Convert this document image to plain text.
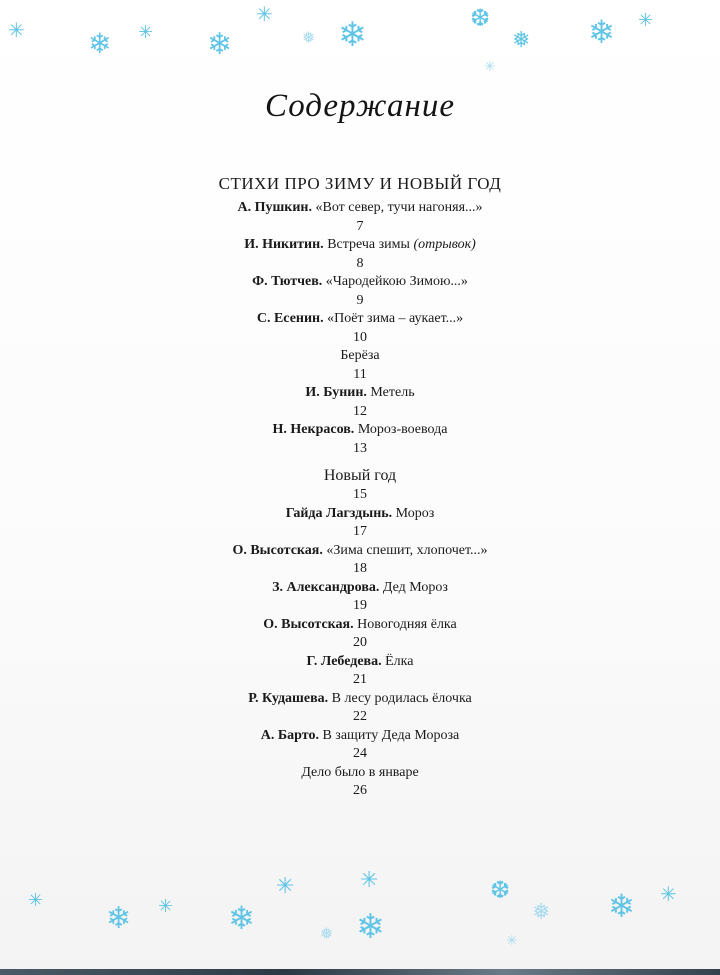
✳ ❄ ✳ ❄
✳
❅ ❄	❆
✳
❅ ❄ ✳
Содержание
СТИХИ ПРО ЗИМУ И НОВЫЙ ГОД
А. Пушкин. «Вот север, тучи нагоняя...»
7
И. Никитин. Встреча зимы (отрывок)
8
Ф. Тютчев. «Чародейкою Зимою...»
9
С. Есенин. «Поёт зима – аукает...»
10
Берёза
11
И. Бунин. Метель
12
Н. Некрасов. Мороз-воевода
13
Новый год
15
Гайда Лагздынь. Мороз
17
О. Высотская. «Зима спешит, хлопочет...»
18
З. Александрова. Дед Мороз
19
О. Высотская. Новогодняя ёлка
20
Г. Лебедева. Ёлка
21
Р. Кудашева. В лесу родилась ёлочка
22
А. Барто. В защиту Деда Мороза
24
Дело было в январе
26
✳
❄ ✳ ❄
✳
❅
✳
❄
❆
✳
❅ ❄ ✳
